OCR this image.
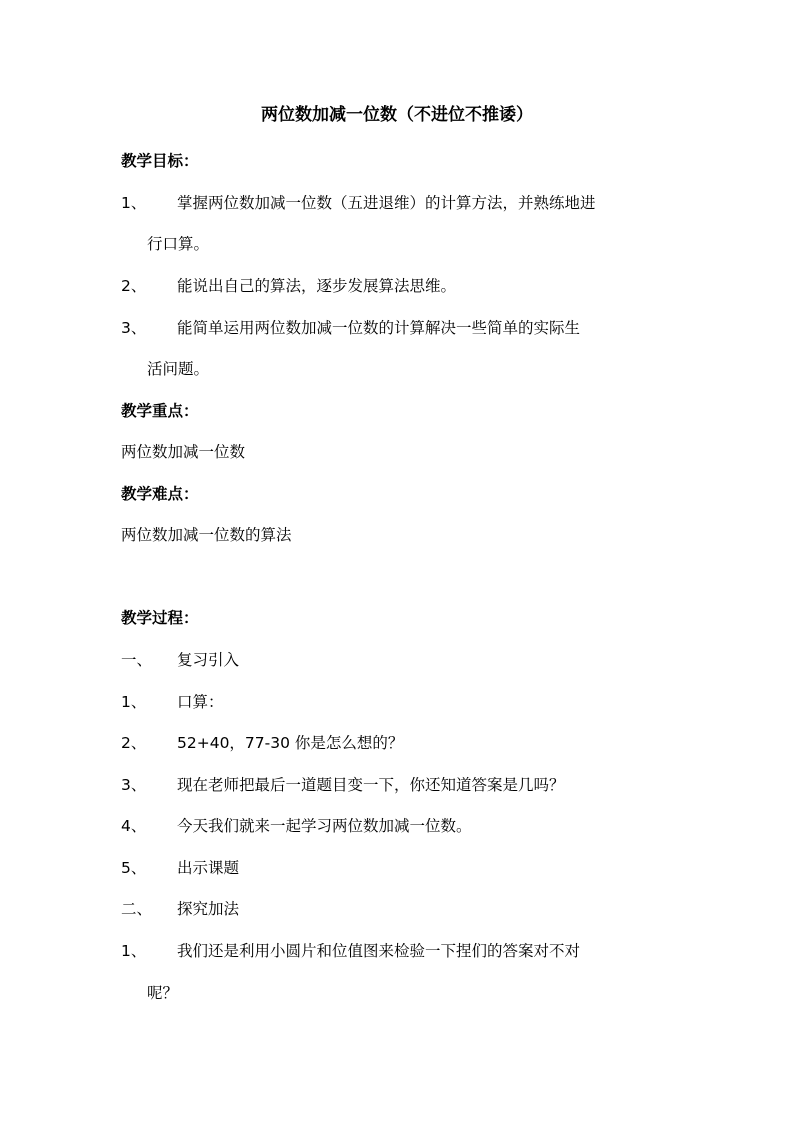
两位数加减一位数（不进位不推诿）
教学目标：
1、 掌握两位数加减一位数（五进退维）的计算方法，并熟练地进
行口算。
2、 能说出自己的算法，逐步发展算法思维。
3、 能简单运用两位数加减一位数的计算解决一些简单的实际生
活问题。
教学重点：
两位数加减一位数
教学难点：
两位数加减一位数的算法
教学过程：
一、 复习引入
1、 口算：
2、 52+40，77-30 你是怎么想的？
3、 现在老师把最后一道题目变一下，你还知道答案是几吗？
4、 今天我们就来一起学习两位数加减一位数。
5、 出示课题
二、 探究加法
1、 我们还是利用小圆片和位值图来检验一下捏们的答案对不对
呢？
